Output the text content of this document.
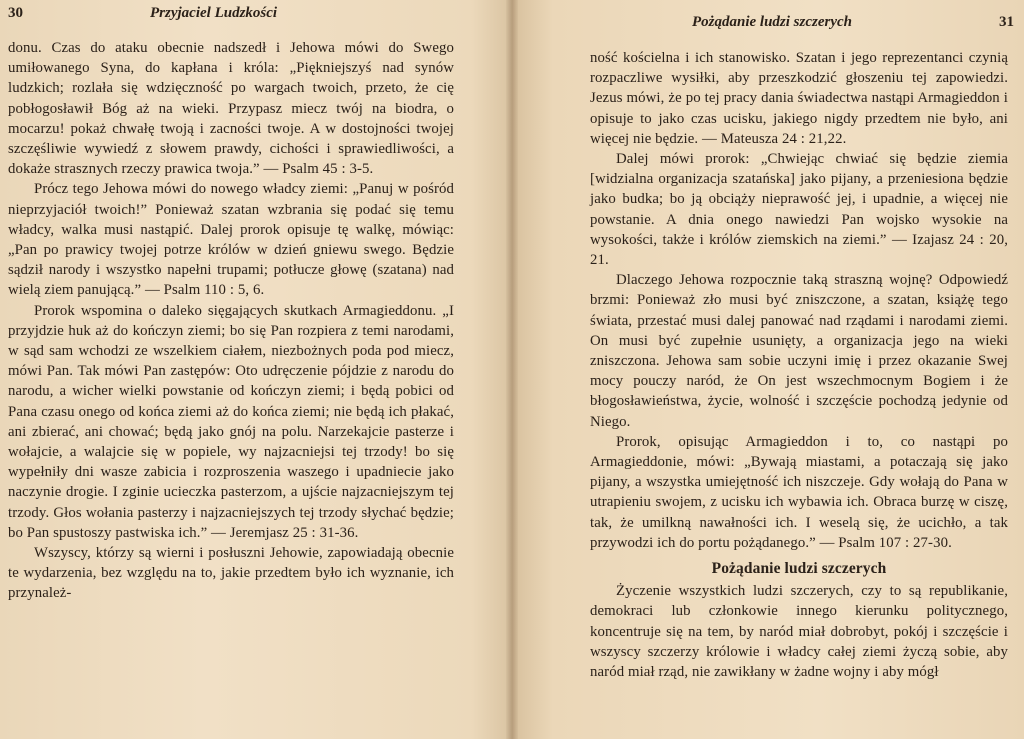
30	Przyjaciel Ludzkości

donu. Czas do ataku obecnie nadszedł i Jehowa mówi do Swego umiłowanego Syna, do kapłana i króla: „Piękniejszyś nad synów ludzkich; rozlała się wdzięczność po wargach twoich, przeto, że cię pobłogosławił Bóg aż na wieki. Przypasz miecz twój na biodra, o mocarzu! pokaż chwałę twoją i zacności twoje. A w dostojności twojej szczęśliwie wywiedź z słowem prawdy, cichości i sprawiedliwości, a dokaże strasznych rzeczy prawica twoja.” — Psalm 45 : 3-5.

Prócz tego Jehowa mówi do nowego władcy ziemi: „Panuj w pośród nieprzyjaciół twoich!” Ponieważ szatan wzbrania się podać się temu władcy, walka musi nastąpić. Dalej prorok opisuje tę walkę, mówiąc: „Pan po prawicy twojej potrze królów w dzień gniewu swego. Będzie sądził narody i wszystko napełni trupami; potłucze głowę (szatana) nad wielą ziem panującą.” — Psalm 110 : 5, 6.

Prorok wspomina o daleko sięgających skutkach Armagieddonu. „I przyjdzie huk aż do kończyn ziemi; bo się Pan rozpiera z temi narodami, w sąd sam wchodzi ze wszelkiem ciałem, niezbożnych poda pod miecz, mówi Pan. Tak mówi Pan zastępów: Oto udręczenie pójdzie z narodu do narodu, a wicher wielki powstanie od kończyn ziemi; i będą pobici od Pana czasu onego od końca ziemi aż do końca ziemi; nie będą ich płakać, ani zbierać, ani chować; będą jako gnój na polu. Narzekajcie pasterze i wołajcie, a walajcie się w popiele, wy najzacniejsi tej trzody! bo się wypełniły dni wasze zabicia i rozproszenia waszego i upadniecie jako naczynie drogie. I zginie ucieczka pasterzom, a ujście najzacniejszym tej trzody. Głos wołania pasterzy i najzacniejszych tej trzody słychać będzie; bo Pan spustoszy pastwiska ich.” — Jeremjasz 25 : 31-36.

Wszyscy, którzy są wierni i posłuszni Jehowie, zapowiadają obecnie te wydarzenia, bez względu na to, jakie przedtem było ich wyznanie, ich przynależ-

Pożądanie ludzi szczerych	31

ność kościelna i ich stanowisko. Szatan i jego reprezentanci czynią rozpaczliwe wysiłki, aby przeszkodzić głoszeniu tej zapowiedzi. Jezus mówi, że po tej pracy dania świadectwa nastąpi Armagieddon i opisuje to jako czas ucisku, jakiego nigdy przedtem nie było, ani więcej nie będzie. — Mateusza 24 : 21,22.

Dalej mówi prorok: „Chwiejąc chwiać się będzie ziemia [widzialna organizacja szatańska] jako pijany, a przeniesiona będzie jako budka; bo ją obciąży nieprawość jej, i upadnie, a więcej nie powstanie. A dnia onego nawiedzi Pan wojsko wysokie na wysokości, także i królów ziemskich na ziemi.” — Izajasz 24 : 20, 21.

Dlaczego Jehowa rozpocznie taką straszną wojnę? Odpowiedź brzmi: Ponieważ zło musi być zniszczone, a szatan, książę tego świata, przestać musi dalej panować nad rządami i narodami ziemi. On musi być zupełnie usunięty, a organizacja jego na wieki zniszczona. Jehowa sam sobie uczyni imię i przez okazanie Swej mocy pouczy naród, że On jest wszechmocnym Bogiem i że błogosławieństwa, życie, wolność i szczęście pochodzą jedynie od Niego.

Prorok, opisując Armagieddon i to, co nastąpi po Armagieddonie, mówi: „Bywają miastami, a potaczają się jako pijany, a wszystka umiejętność ich niszczeje. Gdy wołają do Pana w utrapieniu swojem, z ucisku ich wybawia ich. Obraca burzę w ciszę, tak, że umilkną nawałności ich. I weselą się, że ucichło, a tak przywodzi ich do portu pożądanego.” — Psalm 107 : 27-30.

Pożądanie ludzi szczerych

Życzenie wszystkich ludzi szczerych, czy to są republikanie, demokraci lub członkowie innego kierunku politycznego, koncentruje się na tem, by naród miał dobrobyt, pokój i szczęście i wszyscy szczerzy królowie i władcy całej ziemi życzą sobie, aby naród miał rząd, nie zawikłany w żadne wojny i aby mógł
